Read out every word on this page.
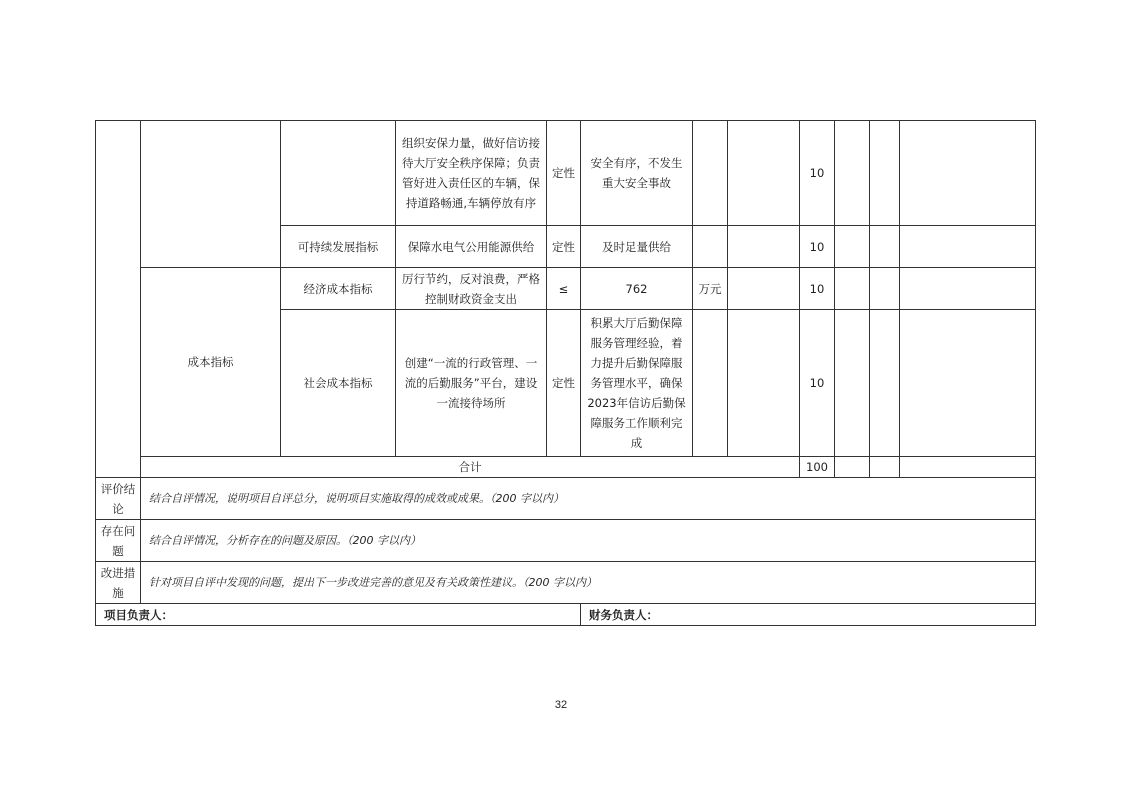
			组织安保力量，做好信访接待大厅安全秩序保障；负责管好进入责任区的车辆，保持道路畅通,车辆停放有序	定性	安全有序，不发生重大安全事故			10			
		可持续发展指标	保障水电气公用能源供给	定性	及时足量供给			10			
	成本指标	经济成本指标	厉行节约，反对浪费，严格控制财政资金支出	≤	762	万元		10			
		社会成本指标	创建“一流的行政管理、一流的后勤服务”平台，建设一流接待场所	定性	积累大厅后勤保障服务管理经验，着力提升后勤保障服务管理水平，确保2023年信访后勤保障服务工作顺利完成			10			
	合计							100			

评价结论	结合自评情况，说明项目自评总分，说明项目实施取得的成效或成果。（200 字以内）										

存在问题	结合自评情况，分析存在的问题及原因。（200 字以内）										

改进措施	针对项目自评中发现的问题，提出下一步改进完善的意见及有关政策性建议。（200 字以内）										
项目负责人：					财务负责人：						
32
